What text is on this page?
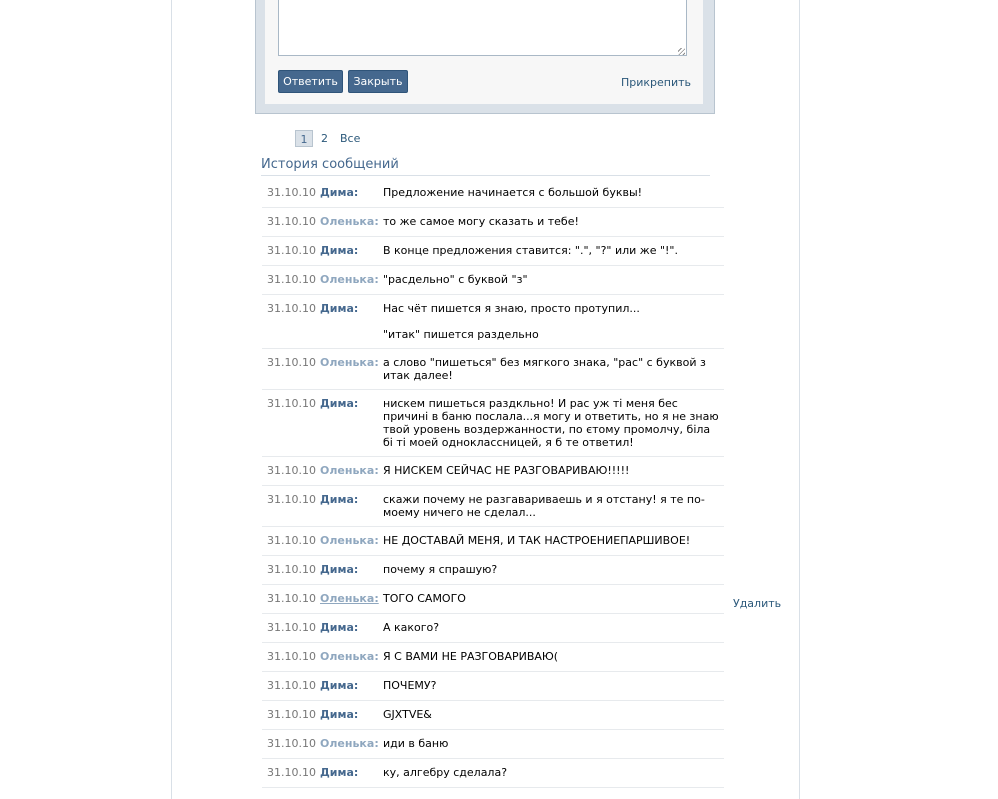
Ответить	Закрыть	Прикрепить
1	2 Все
История сообщений
31.10.10 Дима: Предложение начинается с большой буквы!

31.10.10 Оленька: то же самое могу сказать и тебе!

31.10.10 Дима: В конце предложения ставится: ".", "?" или же "!".

31.10.10 Оленька: "расдельно" с буквой "з"

31.10.10 Дима: Нас чёт пишется я знаю, просто протупил...

"итак" пишется раздельно

31.10.10 Оленька: а слово "пишеться" без мягкого знака, "рас" с буквой з итак далее!

31.10.10 Дима: нискем пишеться раздкльно! И рас уж ті меня бес причині в баню послала...я могу и ответить, но я не знаю твой уровень воздержанности, по єтому промолчу, біла бі ті моей одноклассницей, я б те ответил!

31.10.10 Оленька: Я НИСКЕМ СЕЙЧАС НЕ РАЗГОВАРИВАЮ!!!!!

31.10.10 Дима: скажи почему не разгавариваешь и я отстану! я те по-моему ничего не сделал...

31.10.10 Оленька: НЕ ДОСТАВАЙ МЕНЯ, И ТАК НАСТРОЕНИЕПАРШИВОЕ!

31.10.10 Дима: почему я спрашую?

31.10.10 Оленька: ТОГО САМОГО

31.10.10 Дима: А какого?

31.10.10 Оленька: Я С ВАМИ НЕ РАЗГОВАРИВАЮ(

31.10.10 Дима: ПОЧЕМУ?

31.10.10 Дима: GJXTVE&

31.10.10 Оленька: иди в баню

31.10.10 Дима: ку, алгебру сделала?

Удалить
